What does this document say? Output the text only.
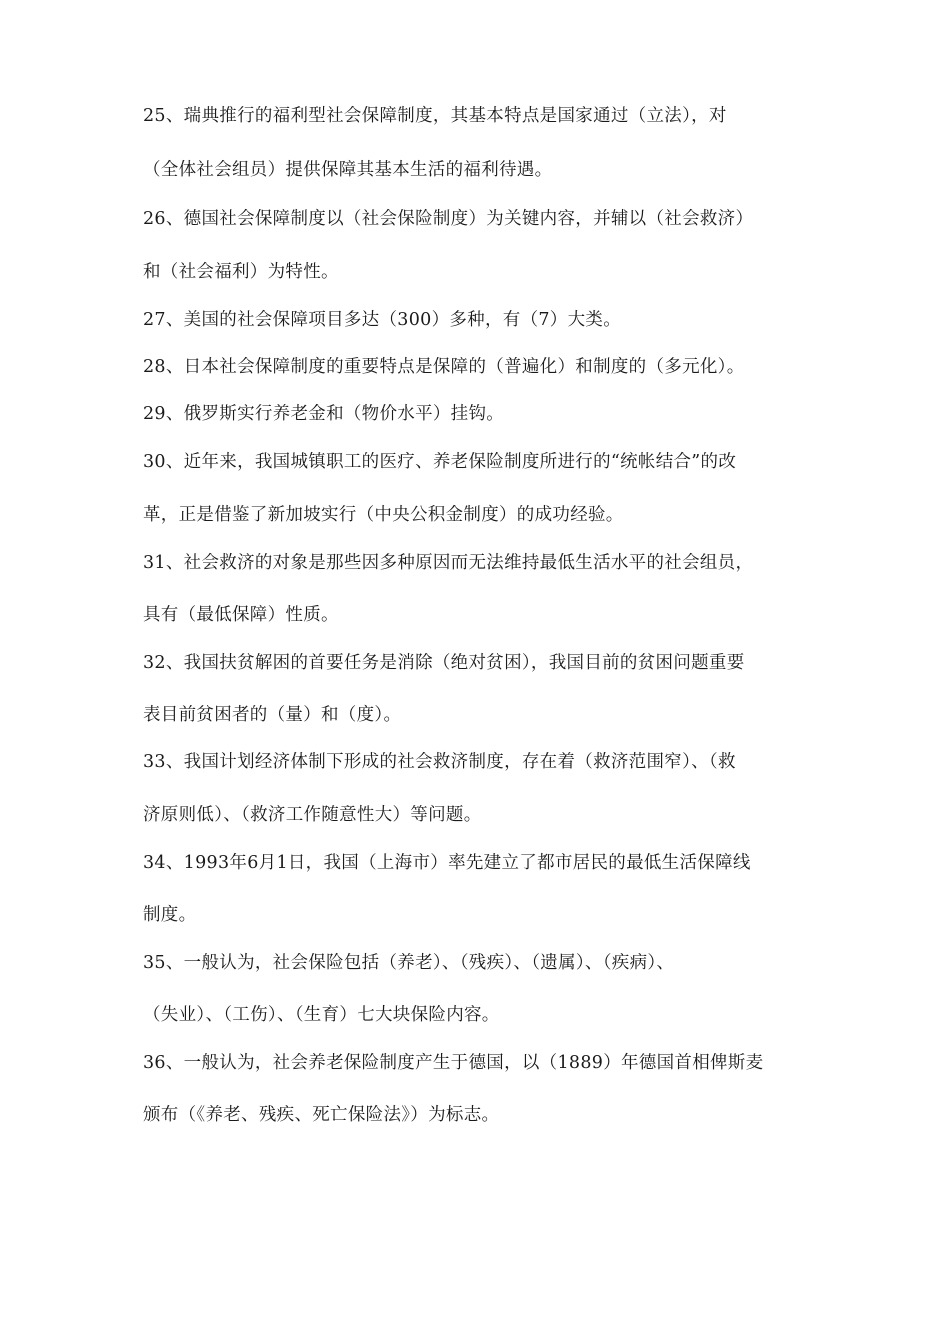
25、瑞典推行的福利型社会保障制度，其基本特点是国家通过（立法），对
（全体社会组员）提供保障其基本生活的福利待遇。
26、德国社会保障制度以（社会保险制度）为关键内容，并辅以（社会救济）
和（社会福利）为特性。
27、美国的社会保障项目多达（300）多种，有（7）大类。
28、日本社会保障制度的重要特点是保障的（普遍化）和制度的（多元化）。
29、俄罗斯实行养老金和（物价水平）挂钩。
30、近年来，我国城镇职工的医疗、养老保险制度所进行的“统帐结合”的改
革，正是借鉴了新加坡实行（中央公积金制度）的成功经验。
31、社会救济的对象是那些因多种原因而无法维持最低生活水平的社会组员，
具有（最低保障）性质。
32、我国扶贫解困的首要任务是消除（绝对贫困），我国目前的贫困问题重要
表目前贫困者的（量）和（度）。
33、我国计划经济体制下形成的社会救济制度，存在着（救济范围窄）、（救
济原则低）、（救济工作随意性大）等问题。
34、1993年6月1日，我国（上海市）率先建立了都市居民的最低生活保障线
制度。
35、一般认为，社会保险包括（养老）、（残疾）、（遗属）、（疾病）、
（失业）、（工伤）、（生育）七大块保险内容。
36、一般认为，社会养老保险制度产生于德国，以（1889）年德国首相俾斯麦
颁布（《养老、残疾、死亡保险法》）为标志。
